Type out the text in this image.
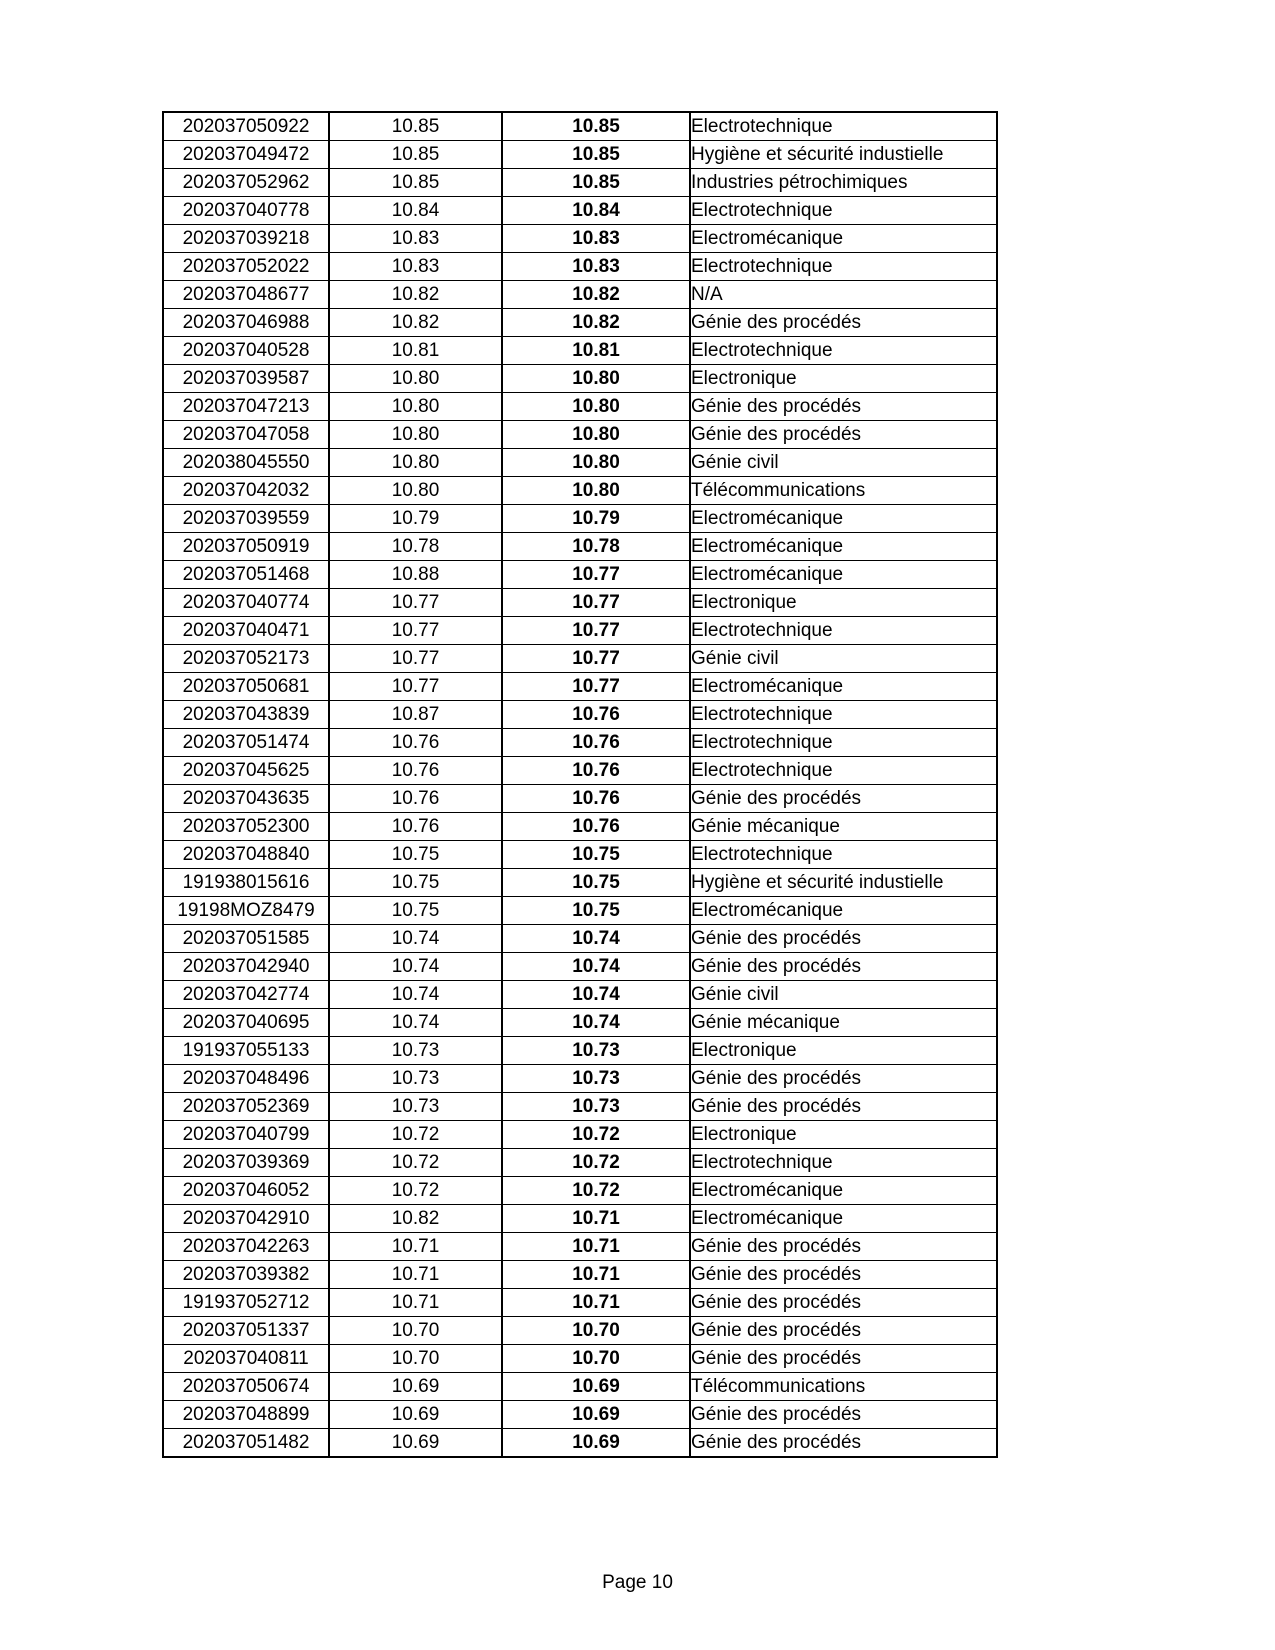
202037050922	10.85	10.85	Electrotechnique
202037049472	10.85	10.85	Hygiène et sécurité industielle
202037052962	10.85	10.85	Industries pétrochimiques
202037040778	10.84	10.84	Electrotechnique
202037039218	10.83	10.83	Electromécanique
202037052022	10.83	10.83	Electrotechnique
202037048677	10.82	10.82	N/A
202037046988	10.82	10.82	Génie des procédés
202037040528	10.81	10.81	Electrotechnique
202037039587	10.80	10.80	Electronique
202037047213	10.80	10.80	Génie des procédés
202037047058	10.80	10.80	Génie des procédés
202038045550	10.80	10.80	Génie civil
202037042032	10.80	10.80	Télécommunications
202037039559	10.79	10.79	Electromécanique
202037050919	10.78	10.78	Electromécanique
202037051468	10.88	10.77	Electromécanique
202037040774	10.77	10.77	Electronique
202037040471	10.77	10.77	Electrotechnique
202037052173	10.77	10.77	Génie civil
202037050681	10.77	10.77	Electromécanique
202037043839	10.87	10.76	Electrotechnique
202037051474	10.76	10.76	Electrotechnique
202037045625	10.76	10.76	Electrotechnique
202037043635	10.76	10.76	Génie des procédés
202037052300	10.76	10.76	Génie mécanique
202037048840	10.75	10.75	Electrotechnique
191938015616	10.75	10.75	Hygiène et sécurité industielle
19198MOZ8479	10.75	10.75	Electromécanique
202037051585	10.74	10.74	Génie des procédés
202037042940	10.74	10.74	Génie des procédés
202037042774	10.74	10.74	Génie civil
202037040695	10.74	10.74	Génie mécanique
191937055133	10.73	10.73	Electronique
202037048496	10.73	10.73	Génie des procédés
202037052369	10.73	10.73	Génie des procédés
202037040799	10.72	10.72	Electronique
202037039369	10.72	10.72	Electrotechnique
202037046052	10.72	10.72	Electromécanique
202037042910	10.82	10.71	Electromécanique
202037042263	10.71	10.71	Génie des procédés
202037039382	10.71	10.71	Génie des procédés
191937052712	10.71	10.71	Génie des procédés
202037051337	10.70	10.70	Génie des procédés
202037040811	10.70	10.70	Génie des procédés
202037050674	10.69	10.69	Télécommunications
202037048899	10.69	10.69	Génie des procédés
202037051482	10.69	10.69	Génie des procédés
Page 10
